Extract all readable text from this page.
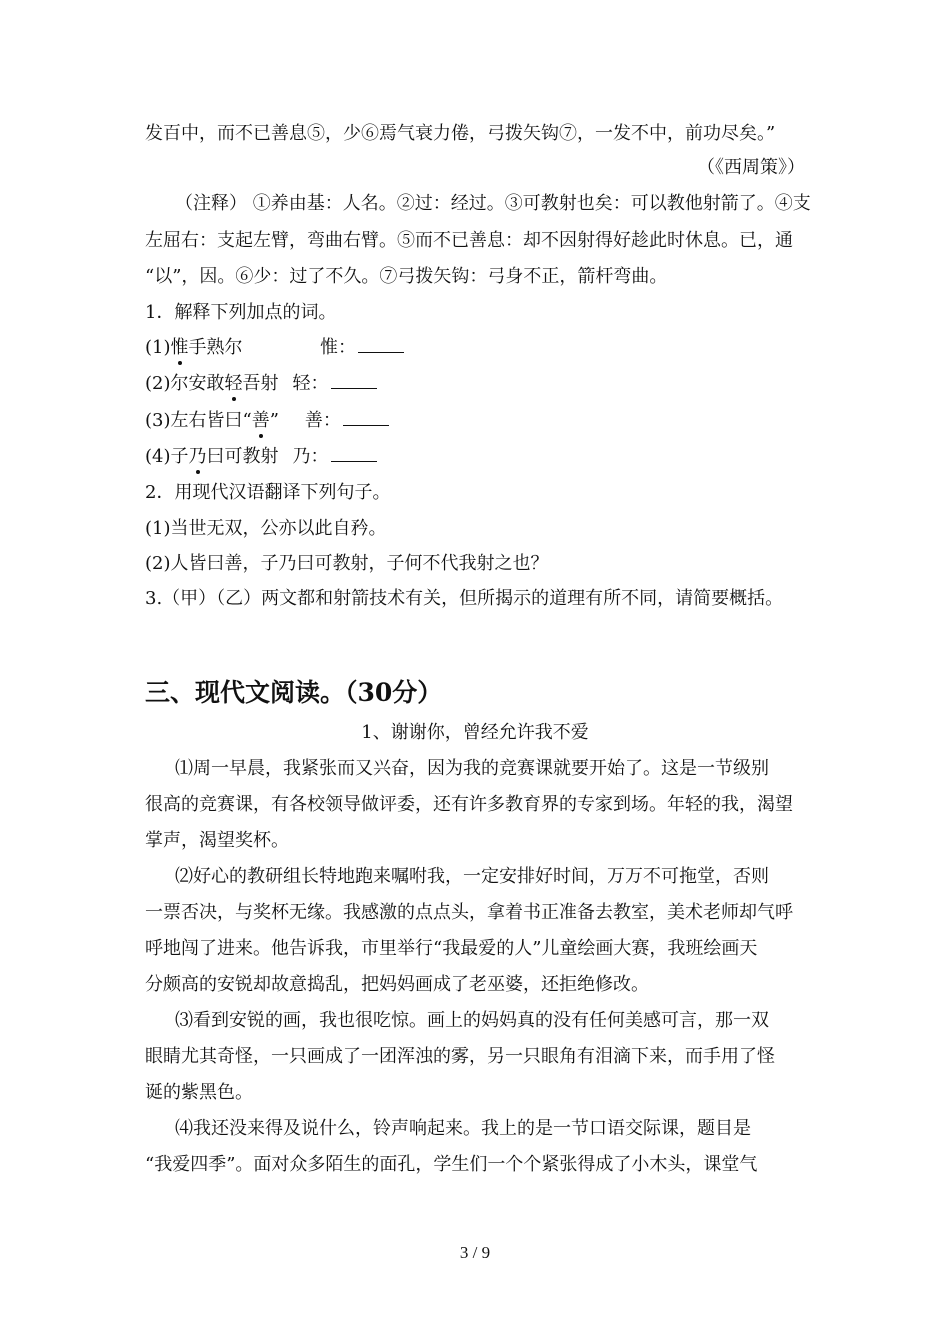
发百中，而不已善息⑤，少⑥焉气衰力倦，弓拨矢钩⑦，一发不中，前功尽矣。”
（《西周策》）
（注释） ①养由基：人名。②过：经过。③可教射也矣：可以教他射箭了。④支
左屈右：支起左臂，弯曲右臂。⑤而不已善息：却不因射得好趁此时休息。已，通
“以”，因。⑥少：过了不久。⑦弓拨矢钩：弓身不正，箭杆弯曲。
1．解释下列加点的词。
(1)惟手熟尔	惟：
(2)尔安敢轻吾射 轻：
(3)左右皆曰“善” 善：
(4)子乃曰可教射 乃：
2．用现代汉语翻译下列句子。
(1)当世无双，公亦以此自矜。
(2)人皆曰善，子乃曰可教射，子何不代我射之也？
3.（甲）（乙）两文都和射箭技术有关，但所揭示的道理有所不同，请简要概括。
三、现代文阅读。（30分）
1、谢谢你，曾经允许我不爱
⑴周一早晨，我紧张而又兴奋，因为我的竞赛课就要开始了。这是一节级别
很高的竞赛课，有各校领导做评委，还有许多教育界的专家到场。年轻的我，渴望
掌声，渴望奖杯。
⑵好心的教研组长特地跑来嘱咐我，一定安排好时间，万万不可拖堂，否则
一票否决，与奖杯无缘。我感激的点点头，拿着书正准备去教室，美术老师却气呼
呼地闯了进来。他告诉我，市里举行“我最爱的人”儿童绘画大赛，我班绘画天
分颇高的安锐却故意捣乱，把妈妈画成了老巫婆，还拒绝修改。
⑶看到安锐的画，我也很吃惊。画上的妈妈真的没有任何美感可言，那一双
眼睛尤其奇怪，一只画成了一团浑浊的雾，另一只眼角有泪滴下来，而手用了怪
诞的紫黑色。
⑷我还没来得及说什么，铃声响起来。我上的是一节口语交际课，题目是
“我爱四季”。面对众多陌生的面孔，学生们一个个紧张得成了小木头，课堂气
3 / 9
